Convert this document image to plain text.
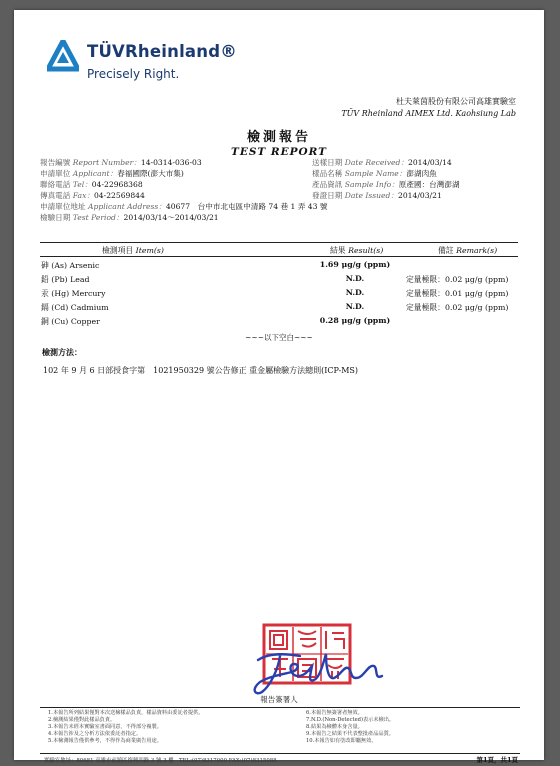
TÜVRheinland®
Precisely Right.
杜夫萊茵股份有限公司高雄實驗室
TÜV Rheinland AIMEX Ltd. Kaohsiung Lab
檢測報告
TEST REPORT
報告編號 Report Number：14-0314-036-03	送樣日期 Date Received：2014/03/14
申請單位 Applicant：春福國際(澎大市集)	樣品名稱 Sample Name：澎湖肉魚
聯絡電話 Tel：04-22968368	產品資訊 Sample Info：原產國：台灣澎湖
傳真電話 Fax：04-22569844	發證日期 Date Issued：2014/03/21
申請單位地址 Applicant Address：40677　台中市北屯區中清路 74 巷 1 弄 43 號
檢驗日期 Test Period：2014/03/14～2014/03/21
檢測項目 Item(s)	結果 Result(s)	備註 Remark(s)
砷 (As) Arsenic	1.69 μg/g (ppm)
鉛 (Pb) Lead	N.D.	定量極限：0.02 μg/g (ppm)
汞 (Hg) Mercury	N.D.	定量極限：0.01 μg/g (ppm)
鎘 (Cd) Cadmium	N.D.	定量極限：0.02 μg/g (ppm)
銅 (Cu) Copper	0.28 μg/g (ppm)
~~~以下空白~~~
檢測方法：
102 年 9 月 6 日部授食字第　1021950329 號公告修正 重金屬檢驗方法總則(ICP-MS)
報告簽署人
1.本報告所列結果僅對本次送檢樣品負責，樣品資料由委託者提供。
2.檢測結果僅對此樣品負責。
3.本報告未經本實驗室書面同意，不得部分複製。
4.本報告涉及之分析方法依委託者指定。
5.本檢測報告僅供參考，不得作為商業廣告用途。
6.本報告無簽署者無效。
7.N.D.(Non-Detected)表示未檢出。
8.結果為檢體本身含量。
9.本報告之結果不代表整批產品品質。
10.本報告如有塗改即屬無效。
實驗室地址：80681 高雄市前鎮區復興四路 3 號 3 樓　TEL:(07)8317000 FAX:(07)8315088	第1頁，共1頁
